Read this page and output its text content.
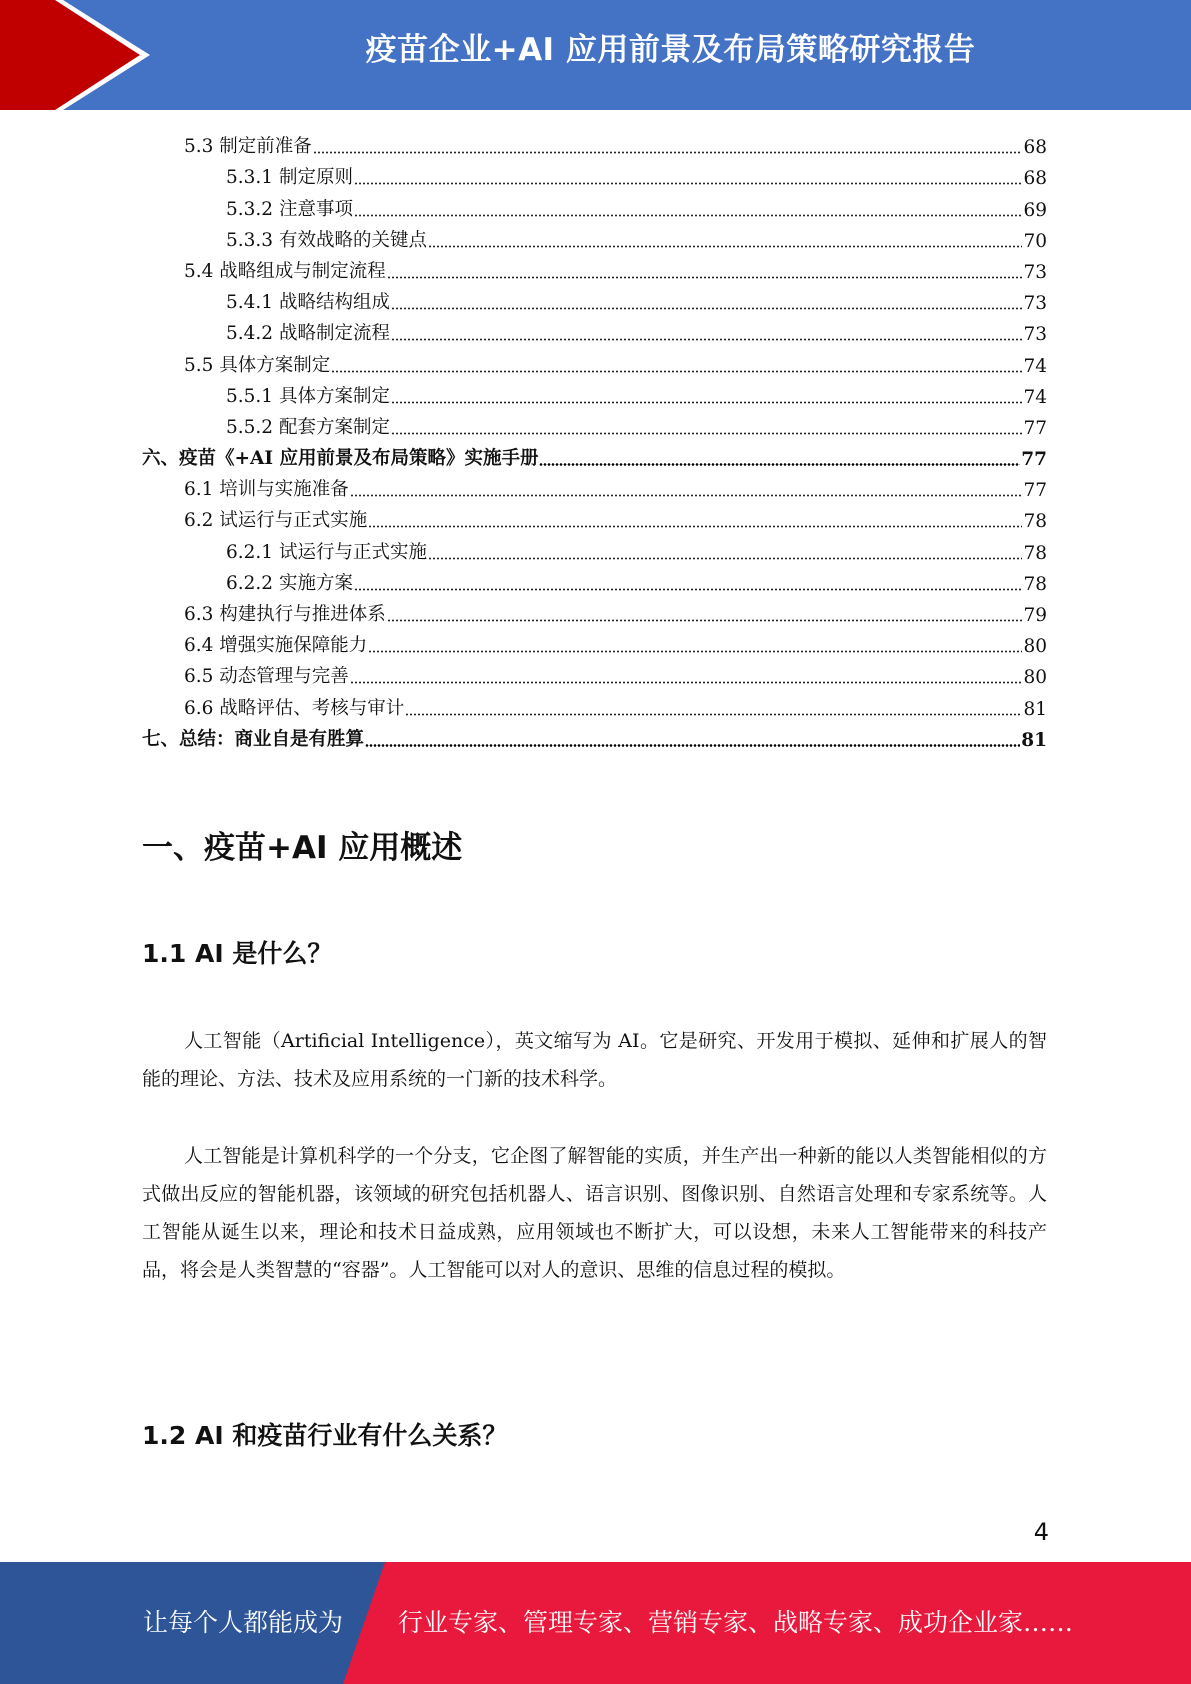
疫苗企业+AI 应用前景及布局策略研究报告
5.3 制定前准备	68
5.3.1 制定原则	68
5.3.2 注意事项	69
5.3.3 有效战略的关键点	70
5.4 战略组成与制定流程	73
5.4.1 战略结构组成	73
5.4.2 战略制定流程	73
5.5 具体方案制定	74
5.5.1 具体方案制定	74
5.5.2 配套方案制定	77
六、疫苗《+AI 应用前景及布局策略》实施手册	77
6.1 培训与实施准备	77
6.2 试运行与正式实施	78
6.2.1 试运行与正式实施	78
6.2.2 实施方案	78
6.3 构建执行与推进体系	79
6.4 增强实施保障能力	80
6.5 动态管理与完善	80
6.6 战略评估、考核与审计	81
七、总结：商业自是有胜算	81
一、疫苗+AI 应用概述
1.1 AI 是什么？
人工智能（Artificial Intelligence），英文缩写为 AI。它是研究、开发用于模拟、延伸和扩展人的智能的理论、方法、技术及应用系统的一门新的技术科学。
人工智能是计算机科学的一个分支，它企图了解智能的实质，并生产出一种新的能以人类智能相似的方式做出反应的智能机器，该领域的研究包括机器人、语言识别、图像识别、自然语言处理和专家系统等。人工智能从诞生以来，理论和技术日益成熟，应用领域也不断扩大，可以设想，未来人工智能带来的科技产品，将会是人类智慧的“容器”。人工智能可以对人的意识、思维的信息过程的模拟。
1.2 AI 和疫苗行业有什么关系？
4
让每个人都能成为 行业专家、管理专家、营销专家、战略专家、成功企业家……
